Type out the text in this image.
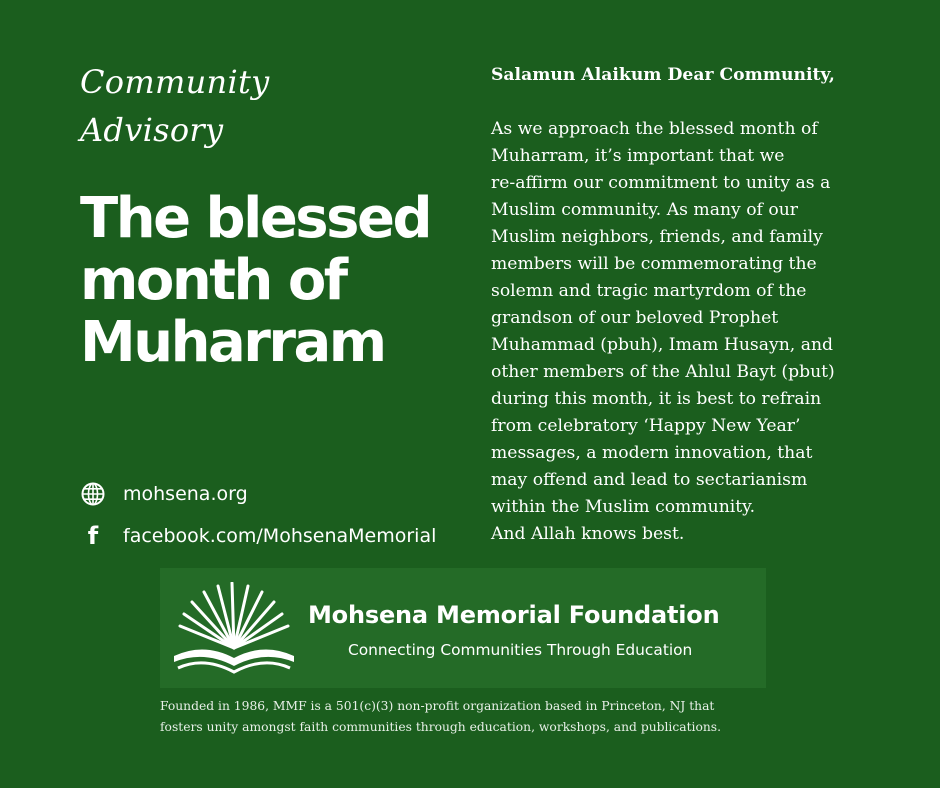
Community
Advisory
The blessed
month of
Muharram
mohsena.org
f facebook.com/MohsenaMemorial

Salamun Alaikum Dear Community,

As we approach the blessed month of
Muharram, it’s important that we
re-affirm our commitment to unity as a
Muslim community. As many of our
Muslim neighbors, friends, and family
members will be commemorating the
solemn and tragic martyrdom of the
grandson of our beloved Prophet
Muhammad (pbuh), Imam Husayn, and
other members of the Ahlul Bayt (pbut)
during this month, it is best to refrain
from celebratory ‘Happy New Year’
messages, a modern innovation, that
may offend and lead to sectarianism
within the Muslim community.
And Allah knows best.

Mohsena Memorial Foundation
Connecting Communities Through Education

Founded in 1986, MMF is a 501(c)(3) non-profit organization based in Princeton, NJ that

fosters unity amongst faith communities through education, workshops, and publications.
